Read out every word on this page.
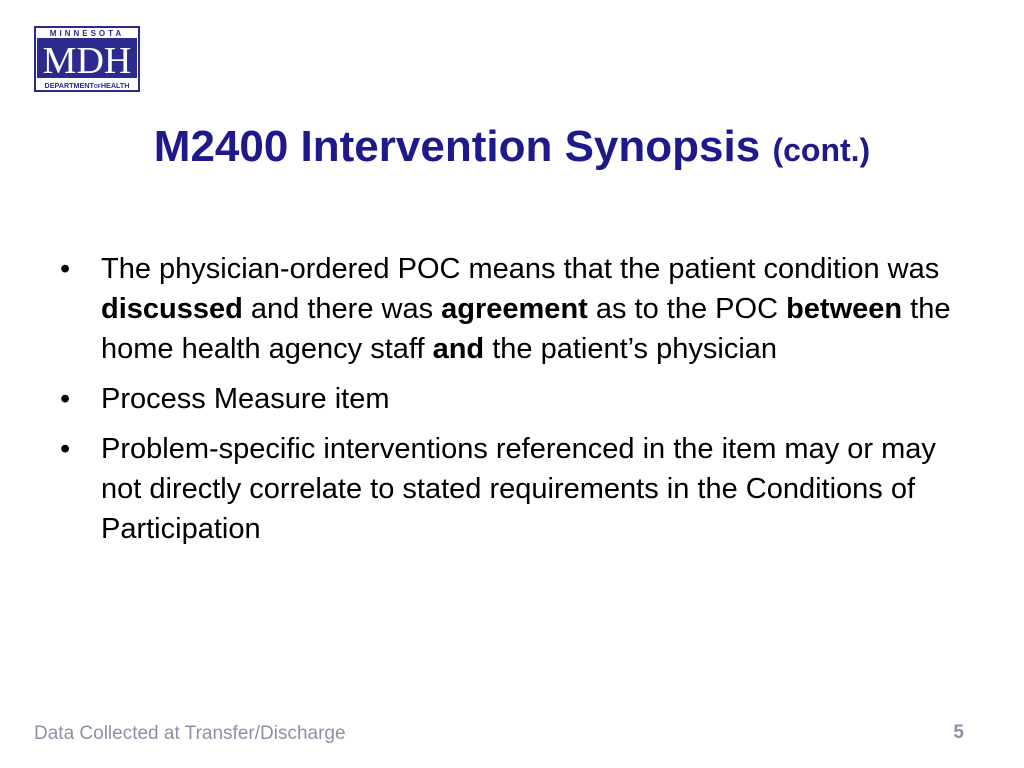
MINNESOTA
MDH
DEPARTMENTOFHEALTH
M2400 Intervention Synopsis (cont.)
• The physician-ordered POC means that the patient condition was discussed and there was agreement as to the POC between the home health agency staff and the patient’s physician
• Process Measure item
• Problem-specific interventions referenced in the item may or may not directly correlate to stated requirements in the Conditions of Participation
Data Collected at Transfer/Discharge	5
